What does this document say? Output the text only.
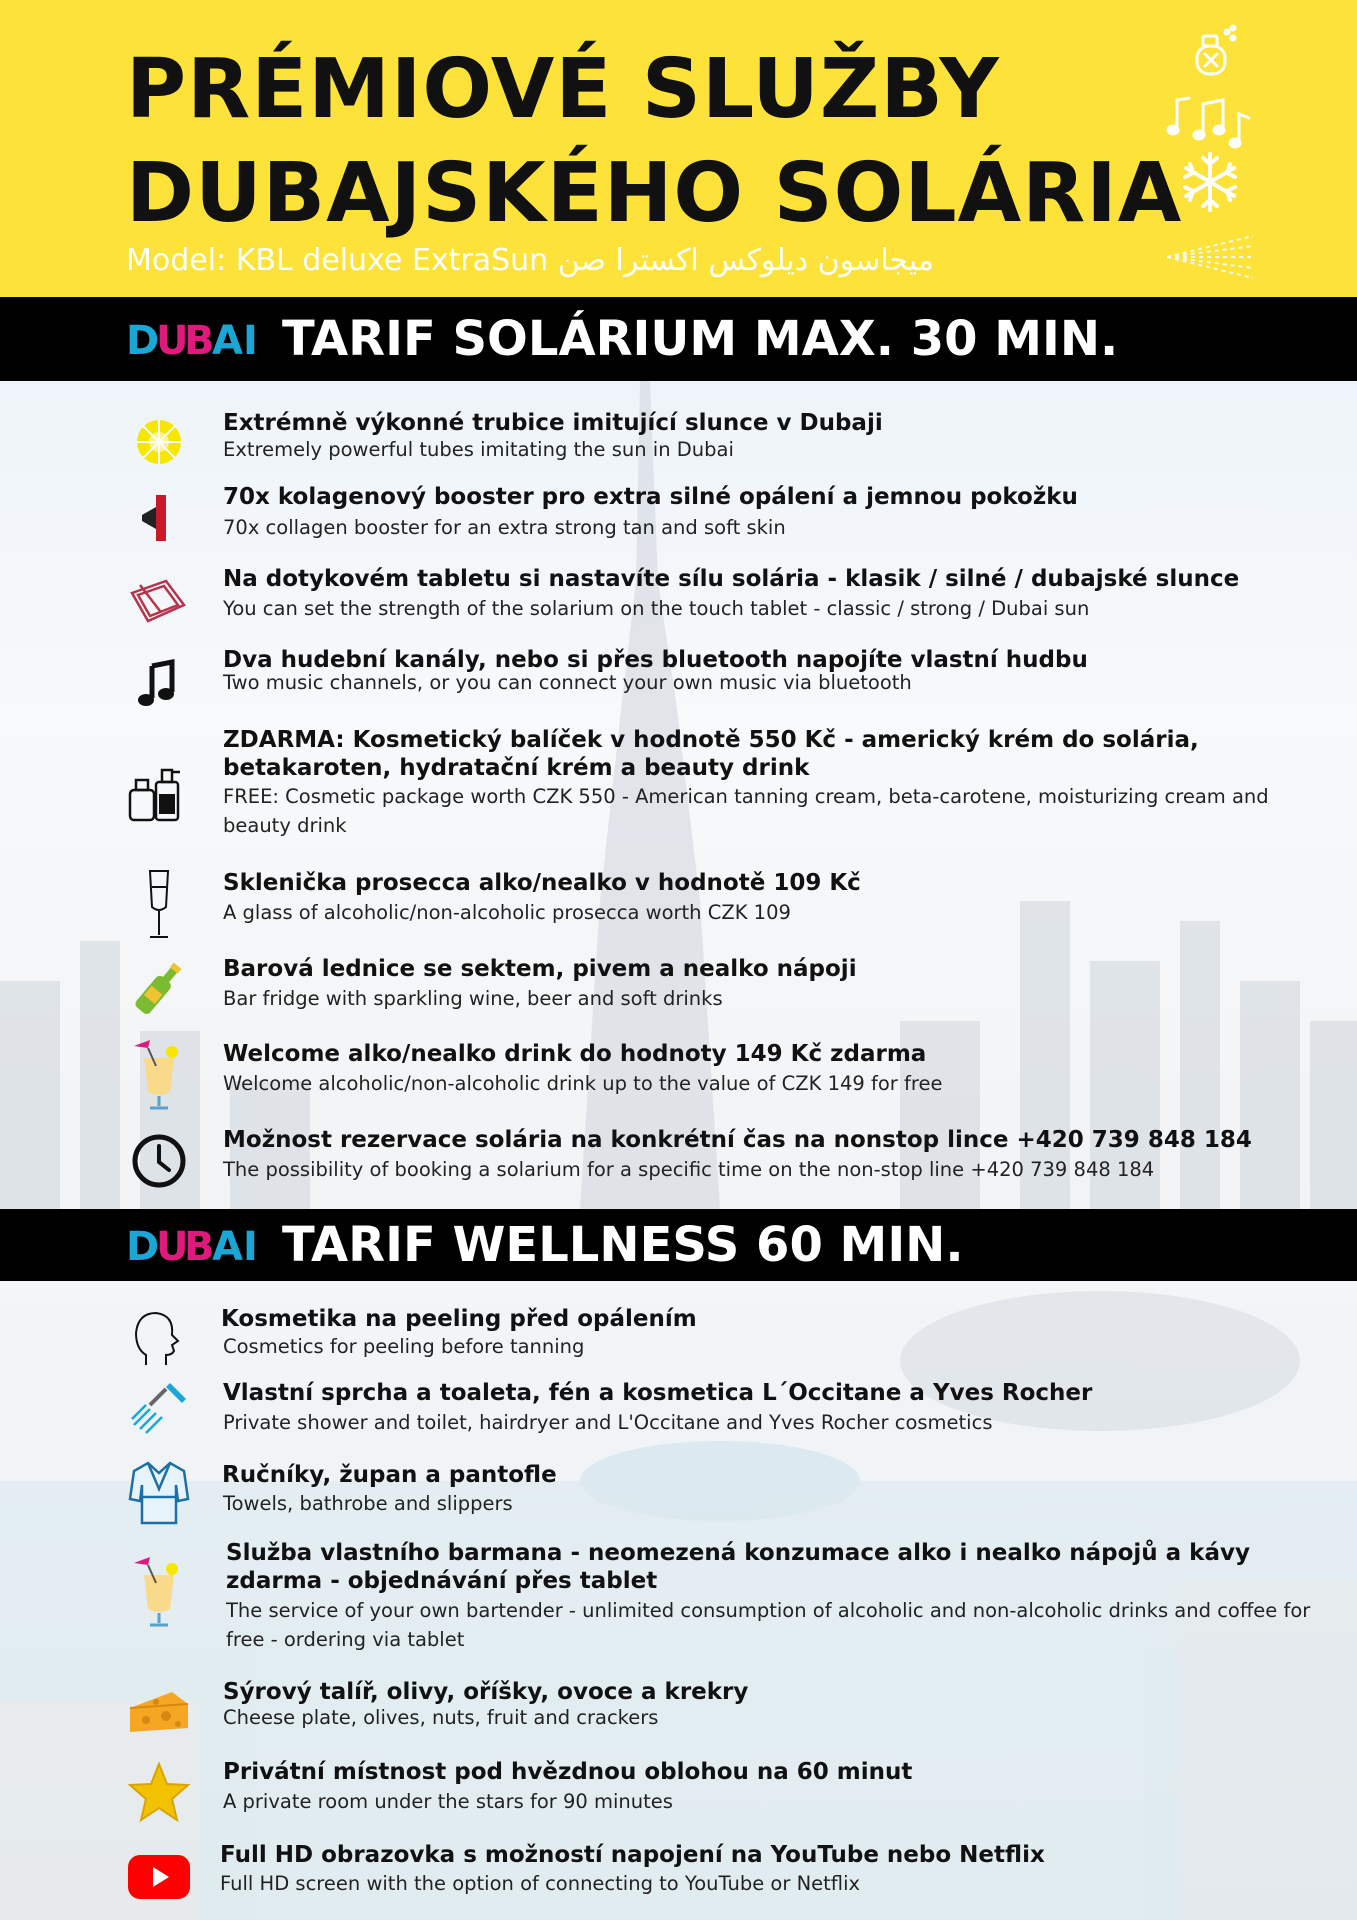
PRÉMIOVÉ SLUŽBY
DUBAJSKÉHO SOLÁRIA
Model: KBL deluxe ExtraSun ميجاسون ديلوكس اكسترا صن
D
U
B
AI TARIF SOLÁRIUM MAX. 30 MIN.
Extrémně výkonné trubice imitující slunce v Dubaji
Extremely powerful tubes imitating the sun in Dubai
70x kolagenový booster pro extra silné opálení a jemnou pokožku
70x collagen booster for an extra strong tan and soft skin
Na dotykovém tabletu si nastavíte sílu solária - klasik / silné / dubajské slunce
You can set the strength of the solarium on the touch tablet - classic / strong / Dubai sun
Dva hudební kanály, nebo si přes bluetooth napojíte vlastní hudbu
Two music channels, or you can connect your own music via bluetooth
ZDARMA: Kosmetický balíček v hodnotě 550 Kč - americký krém do solária, betakaroten, hydratační krém a beauty drink
FREE: Cosmetic package worth CZK 550 - American tanning cream, beta-carotene, moisturizing cream and beauty drink
Sklenička prosecca alko/nealko v hodnotě 109 Kč
A glass of alcoholic/non-alcoholic prosecca worth CZK 109
Barová lednice se sektem, pivem a nealko nápoji
Bar fridge with sparkling wine, beer and soft drinks
Welcome alko/nealko drink do hodnoty 149 Kč zdarma
Welcome alcoholic/non-alcoholic drink up to the value of CZK 149 for free
Možnost rezervace solária na konkrétní čas na nonstop lince +420 739 848 184
The possibility of booking a solarium for a specific time on the non-stop line +420 739 848 184
D
U
B
AI TARIF WELLNESS 60 MIN.
Kosmetika na peeling před opálením
Cosmetics for peeling before tanning
Vlastní sprcha a toaleta, fén a kosmetica L´Occitane a Yves Rocher
Private shower and toilet, hairdryer and L'Occitane and Yves Rocher cosmetics
Ručníky, župan a pantofle
Towels, bathrobe and slippers
Služba vlastního barmana - neomezená konzumace alko i nealko nápojů a kávy zdarma - objednávání přes tablet
The service of your own bartender - unlimited consumption of alcoholic and non-alcoholic drinks and coffee for free - ordering via tablet
Sýrový talíř, olivy, oříšky, ovoce a krekry
Cheese plate, olives, nuts, fruit and crackers
Privátní místnost pod hvězdnou oblohou na 60 minut
A private room under the stars for 90 minutes
Full HD obrazovka s možností napojení na YouTube nebo Netflix
Full HD screen with the option of connecting to YouTube or Netflix
